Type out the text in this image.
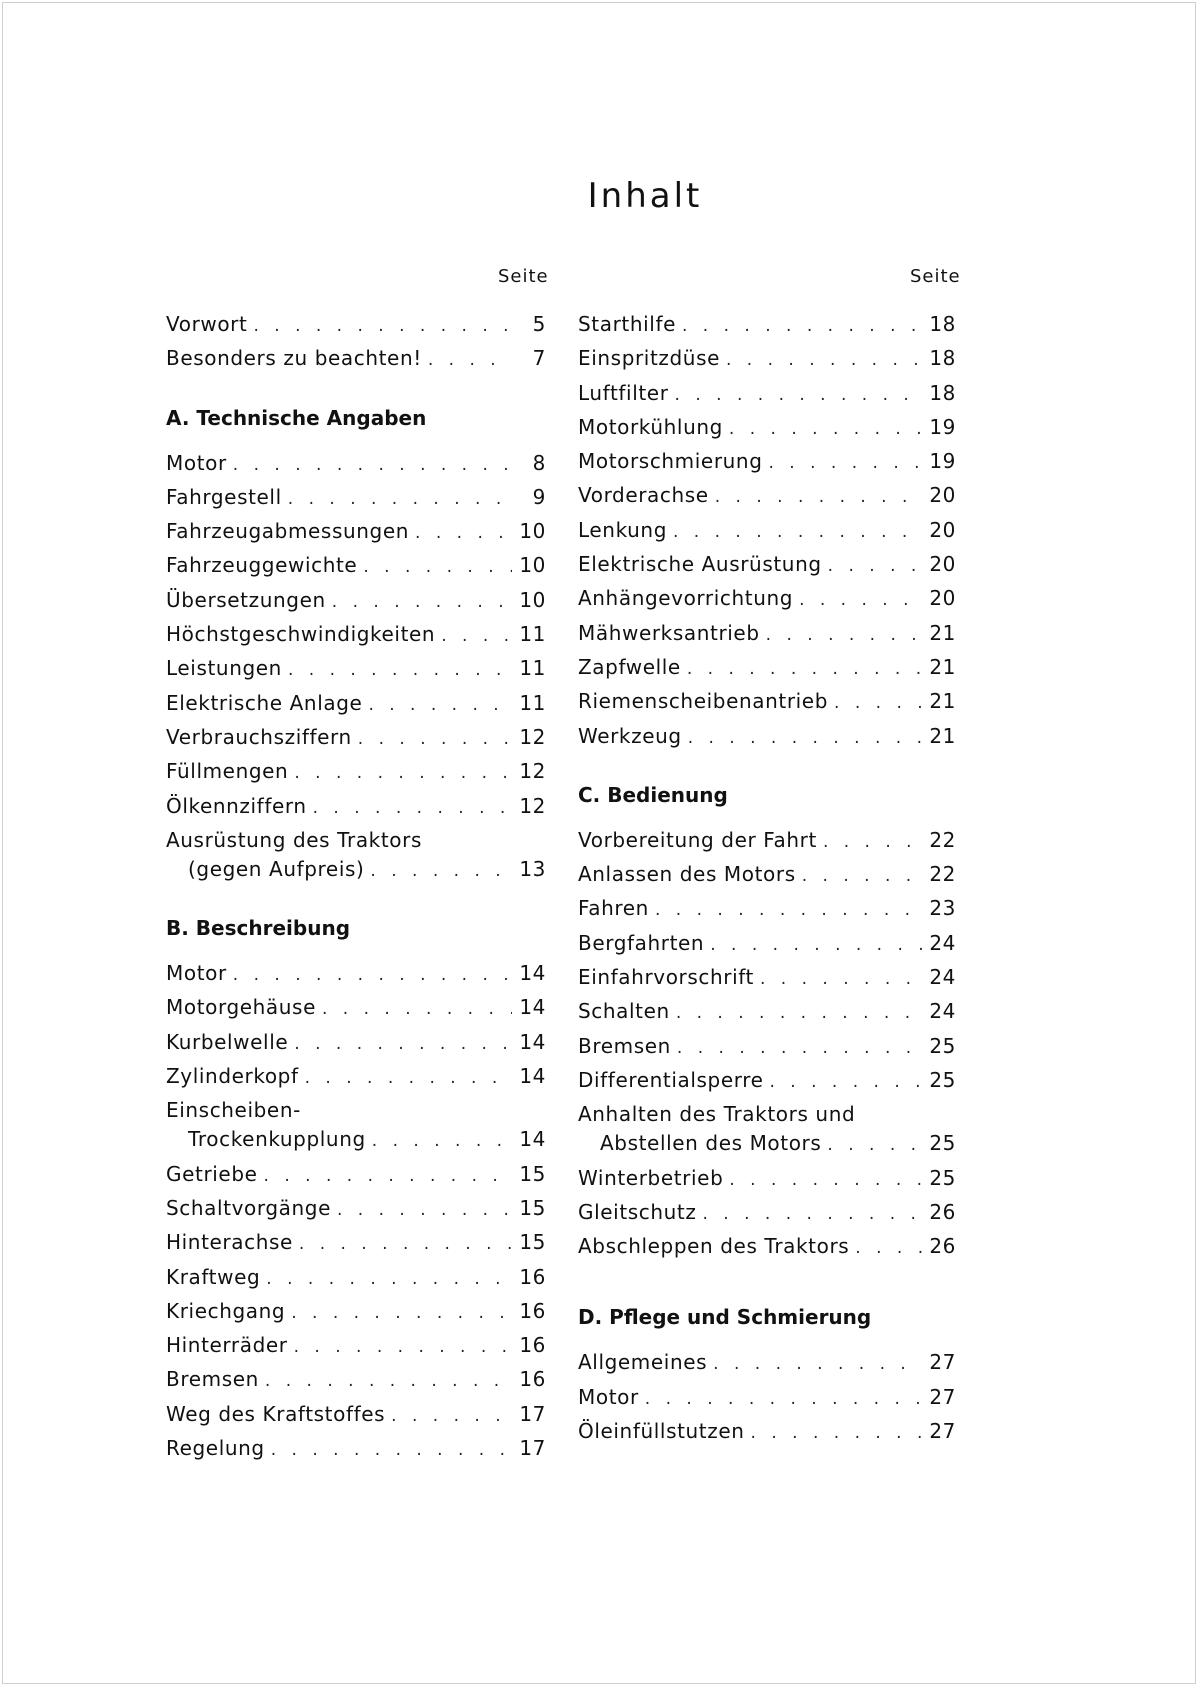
Inhalt
Seite	Seite
Vorwort . . .	5
Besonders zu beachten! . . .	7
A. Technische Angaben
Motor . . .	8
Fahrgestell . . .	9
Fahrzeugabmessungen . . .	10
Fahrzeuggewichte . . .	10
Übersetzungen . . .	10
Höchstgeschwindigkeiten . . .	11
Leistungen . . .	11
Elektrische Anlage . . .	11
Verbrauchsziffern . . .	12
Füllmengen . . .	12
Ölkennziffern . . .	12
Ausrüstung des Traktors
(gegen Aufpreis) . . .	13
B. Beschreibung
Motor . . .	14
Motorgehäuse . . .	14
Kurbelwelle . . .	14
Zylinderkopf . . .	14
Einscheiben-
Trockenkupplung . . .	14
Getriebe . . .	15
Schaltvorgänge . . .	15
Hinterachse . . .	15
Kraftweg . . .	16
Kriechgang . . .	16
Hinterräder . . .	16
Bremsen . . .	16
Weg des Kraftstoffes . . .	17
Regelung . . .	17
Starthilfe . . .	18
Einspritzdüse . . .	18
Luftfilter . . .	18
Motorkühlung . . .	19
Motorschmierung . . .	19
Vorderachse . . .	20
Lenkung . . .	20
Elektrische Ausrüstung . . .	20
Anhängevorrichtung . . .	20
Mähwerksantrieb . . .	21
Zapfwelle . . .	21
Riemenscheibenantrieb . . .	21
Werkzeug . . .	21
C. Bedienung
Vorbereitung der Fahrt . . .	22
Anlassen des Motors . . .	22
Fahren . . .	23
Bergfahrten . . .	24
Einfahrvorschrift . . .	24
Schalten . . .	24
Bremsen . . .	25
Differentialsperre . . .	25
Anhalten des Traktors und
Abstellen des Motors . . .	25
Winterbetrieb . . .	25
Gleitschutz . . .	26
Abschleppen des Traktors . . .	26
D. Pflege und Schmierung
Allgemeines . . .	27
Motor . . .	27
Öleinfüllstutzen . . .	27
